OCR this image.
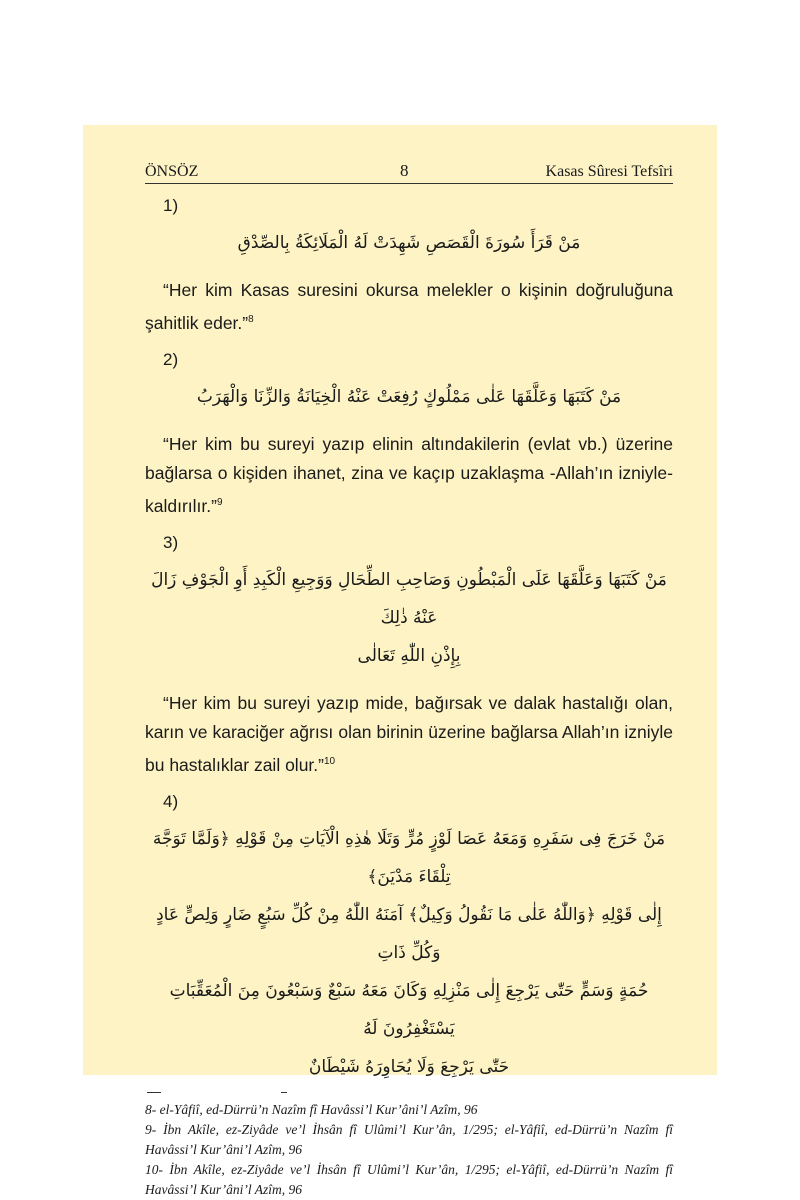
ÖNSÖZ	8	Kasas Sûresi Tefsîri
1)
مَنْ قَرَأَ سُورَةَ الْقَصَصِ شَهِدَتْ لَهُ الْمَلَائِكَةُ بِالصِّدْقِ

“Her kim Kasas suresini okursa melekler o kişinin doğruluğuna şahitlik eder.”$^8$

2)
مَنْ كَتَبَهَا وَعَلَّقَهَا عَلٰى مَمْلُوكٍ رُفِعَتْ عَنْهُ الْخِيَانَةُ وَالزِّنَا وَالْهَرَبُ

“Her kim bu sureyi yazıp elinin altındakilerin (evlat vb.) üzerine bağlarsa o kişiden ihanet, zina ve kaçıp uzaklaşma -Allah’ın izniyle- kaldırılır.”$^9$

3)
مَنْ كَتَبَهَا وَعَلَّقَهَا عَلَى الْمَبْطُونِ وَصَاحِبِ الطِّحَالِ وَوَجِيعِ الْكَبِدِ أَوِ الْجَوْفِ زَالَ عَنْهُ ذٰلِكَ
بِإِذْنِ اللّٰهِ تَعَالٰى

“Her kim bu sureyi yazıp mide, bağırsak ve dalak hastalığı olan, karın ve karaciğer ağrısı olan birinin üzerine bağlarsa Allah’ın izniyle bu hastalıklar zail olur.”$^{10}$

4)
مَنْ خَرَجَ فِى سَفَرِهِ وَمَعَهُ عَصَا لَوْزٍ مُرٍّ وَتَلَا هٰذِهِ الْآيَاتِ مِنْ قَوْلِهِ ﴿وَلَمَّا تَوَجَّهَ تِلْقَاءَ مَدْيَنَ﴾
إِلٰى قَوْلِهِ ﴿وَاللّٰهُ عَلٰى مَا نَقُولُ وَكِيلٌ﴾ آمَنَهُ اللّٰهُ مِنْ كُلِّ سَبُعٍ ضَارٍ وَلِصٍّ عَادٍ وَكُلِّ ذَاتِ
حُمَةٍ وَسَمٍّ حَتّٰى يَرْجِعَ إِلٰى مَنْزِلِهِ وَكَانَ مَعَهُ سَبْعٌ وَسَبْعُونَ مِنَ الْمُعَقِّبَاتِ يَسْتَغْفِرُونَ لَهُ
حَتّٰى يَرْجِعَ وَلَا يُحَاوِرَهُ شَيْطَانٌ

8- el-Yâfiî, ed-Dürrü’n Nazîm fî Havâssi’l Kur’âni’l Azîm, 96

9- İbn Akîle, ez-Ziyâde ve’l İhsân fî Ulûmi’l Kur’ân, 1/295; el-Yâfiî, ed-Dürrü’n Nazîm fî Havâssi’l Kur’âni’l Azîm, 96

10- İbn Akîle, ez-Ziyâde ve’l İhsân fî Ulûmi’l Kur’ân, 1/295; el-Yâfiî, ed-Dürrü’n Nazîm fî Havâssi’l Kur’âni’l Azîm, 96
